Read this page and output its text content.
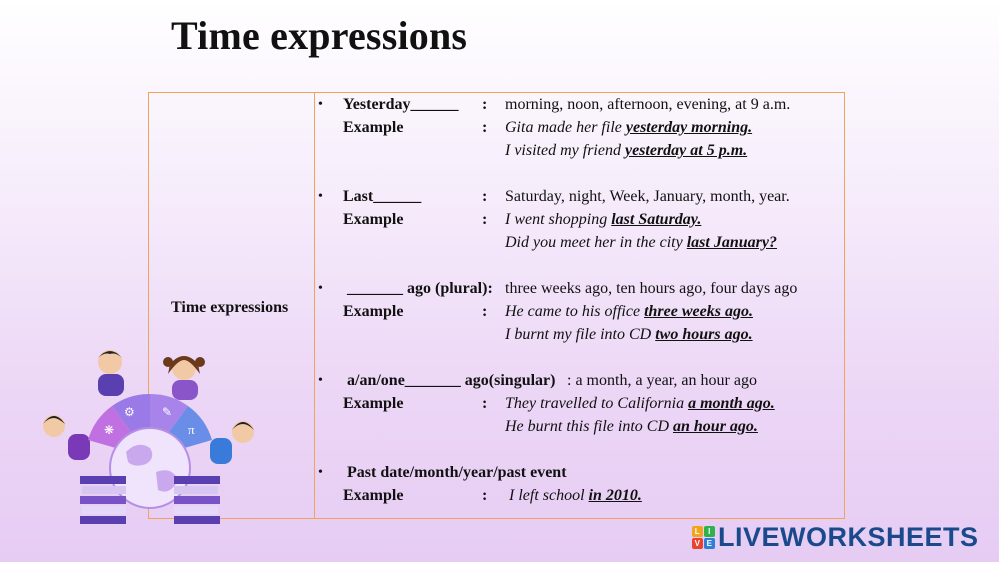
Time expressions
Time expressions
• Yesterday______ : morning, noon, afternoon, evening, at 9 a.m.
Example	: Gita made her file yesterday morning.
I visited my friend yesterday at 5 p.m.
• Last______	: Saturday, night, Week, January, month, year.
Example	: I went shopping last Saturday.
Did you meet her in the city last January?
• _______ ago (plural): three weeks ago, ten hours ago, four days ago
Example	: He came to his office three weeks ago.
I burnt my file into CD two hours ago.
• a/an/one_______ ago(singular) : a month, a year, an hour ago
Example	: They travelled to California a month ago.
He burnt this file into CD an hour ago.
• Past date/month/year/past event
Example	: I left school in 2010.
❋
⚙ ✎
π
L I
V E LIVEWORKSHEETS
